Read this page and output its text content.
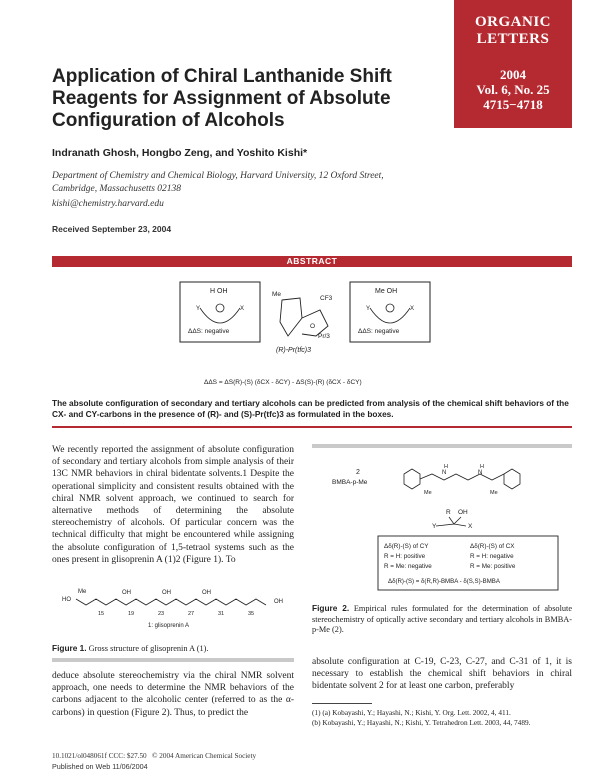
ORGANIC
LETTERS
2004
Vol. 6, No. 25
4715−4718
Application of Chiral Lanthanide Shift Reagents for Assignment of Absolute Configuration of Alcohols
Indranath Ghosh, Hongbo Zeng, and Yoshito Kishi*
Department of Chemistry and Chemical Biology, Harvard University, 12 Oxford Street, Cambridge, Massachusetts 02138
kishi@chemistry.harvard.edu
Received September 23, 2004
ABSTRACT
H OH
Y	X
ΔΔS: negative
Me
CF3
O
Pr/3
(R)-Pr(tfc)3
Me OH
Y	X
ΔΔS: negative
ΔΔS = ΔS(R)-(S) (δCX - δCY) - ΔS(S)-(R) (δCX - δCY)

The absolute configuration of secondary and tertiary alcohols can be predicted from analysis of the chemical shift behaviors of the CX- and CY-carbons in the presence of (R)- and (S)-Pr(tfc)3 as formulated in the boxes.

We recently reported the assignment of absolute configuration of secondary and tertiary alcohols from simple analysis of their 13C NMR behaviors in chiral bidentate solvents.1 Despite the operational simplicity and consistent results obtained with the chiral NMR solvent approach, we continued to search for alternative methods of determining the absolute stereochemistry of alcohols. Of particular concern was the technical difficulty that might be encountered while assigning the absolute configuration of 1,5-tetraol systems such as the ones present in glisoprenin A (1)2 (Figure 1). To

HO
Me	OH	OH	OH
OH
15	19	23	27	31	35
1: glisoprenin A
Figure 1. Gross structure of glisoprenin A (1).

deduce absolute stereochemistry via the chiral NMR solvent approach, one needs to determine the NMR behaviors of the carbons adjacent to the alcoholic center (referred to as the α-carbons) in question (Figure 2). Thus, to predict the

2
BMBA-p-Me
N
H
N
H
Me	Me
R OH
Y	X
Δδ(R)-(S) of CY
R = H: positive
R = Me: negative
Δδ(R)-(S) of CX
R = H: negative
R = Me: positive
Δδ(R)-(S) = δ(R,R)-BMBA - δ(S,S)-BMBA
Figure 2. Empirical rules formulated for the determination of absolute stereochemistry of optically active secondary and tertiary alcohols in BMBA-p-Me (2).

absolute configuration at C-19, C-23, C-27, and C-31 of 1, it is necessary to establish the chemical shift behaviors in chiral bidentate solvent 2 for at least one carbon, preferably

(1) (a) Kobayashi, Y.; Hayashi, N.; Kishi, Y. Org. Lett. 2002, 4, 411.
(b) Kobayashi, Y.; Hayashi, N.; Kishi, Y. Tetrahedron Lett. 2003, 44, 7489.
10.1021/ol048061f CCC: $27.50 © 2004 American Chemical Society
Published on Web 11/06/2004
